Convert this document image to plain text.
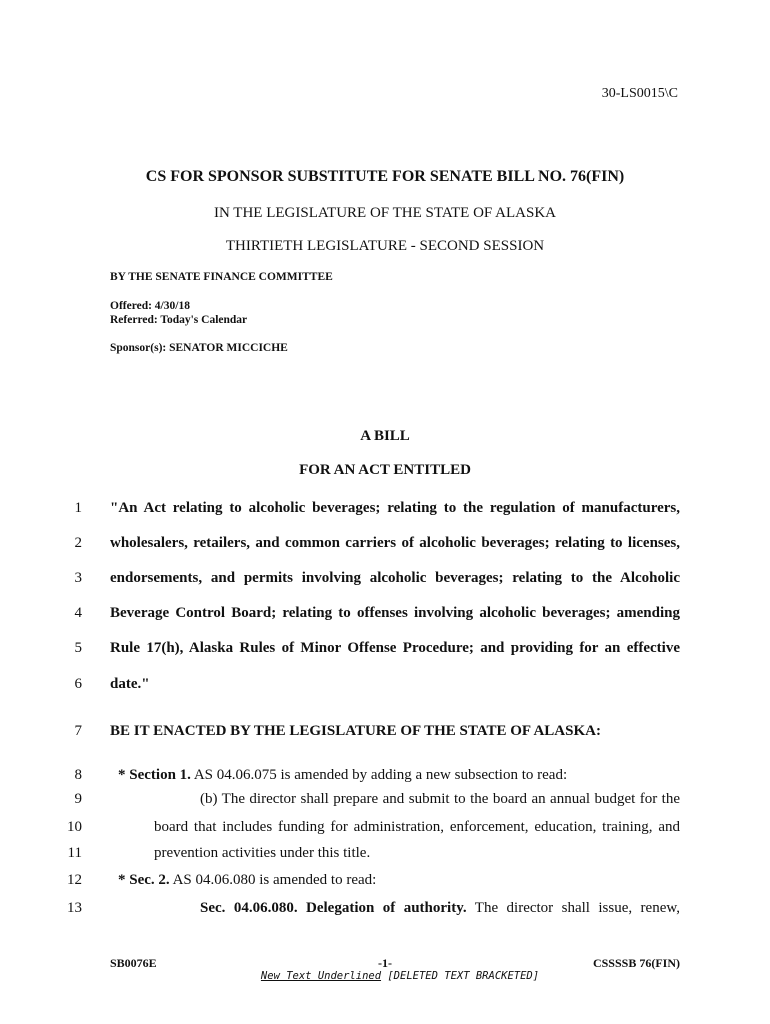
30-LS0015\C
CS FOR SPONSOR SUBSTITUTE FOR SENATE BILL NO. 76(FIN)
IN THE LEGISLATURE OF THE STATE OF ALASKA
THIRTIETH LEGISLATURE - SECOND SESSION
BY THE SENATE FINANCE COMMITTEE
Offered: 4/30/18
Referred: Today's Calendar
Sponsor(s): SENATOR MICCICHE
A BILL
FOR AN ACT ENTITLED
1 "An Act relating to alcoholic beverages; relating to the regulation of manufacturers,
2 wholesalers, retailers, and common carriers of alcoholic beverages; relating to licenses,
3 endorsements, and permits involving alcoholic beverages; relating to the Alcoholic
4 Beverage Control Board; relating to offenses involving alcoholic beverages; amending
5 Rule 17(h), Alaska Rules of Minor Offense Procedure; and providing for an effective
6 date."
7 BE IT ENACTED BY THE LEGISLATURE OF THE STATE OF ALASKA:
8 * Section 1. AS 04.06.075 is amended by adding a new subsection to read:
9	(b) The director shall prepare and submit to the board an annual budget for the
10	board that includes funding for administration, enforcement, education, training, and
11	prevention activities under this title.
12 * Sec. 2. AS 04.06.080 is amended to read:
13	Sec. 04.06.080. Delegation of authority. The director shall issue, renew,
SB0076E	-1-	CSSSSB 76(FIN)
New Text Underlined [DELETED TEXT BRACKETED]
